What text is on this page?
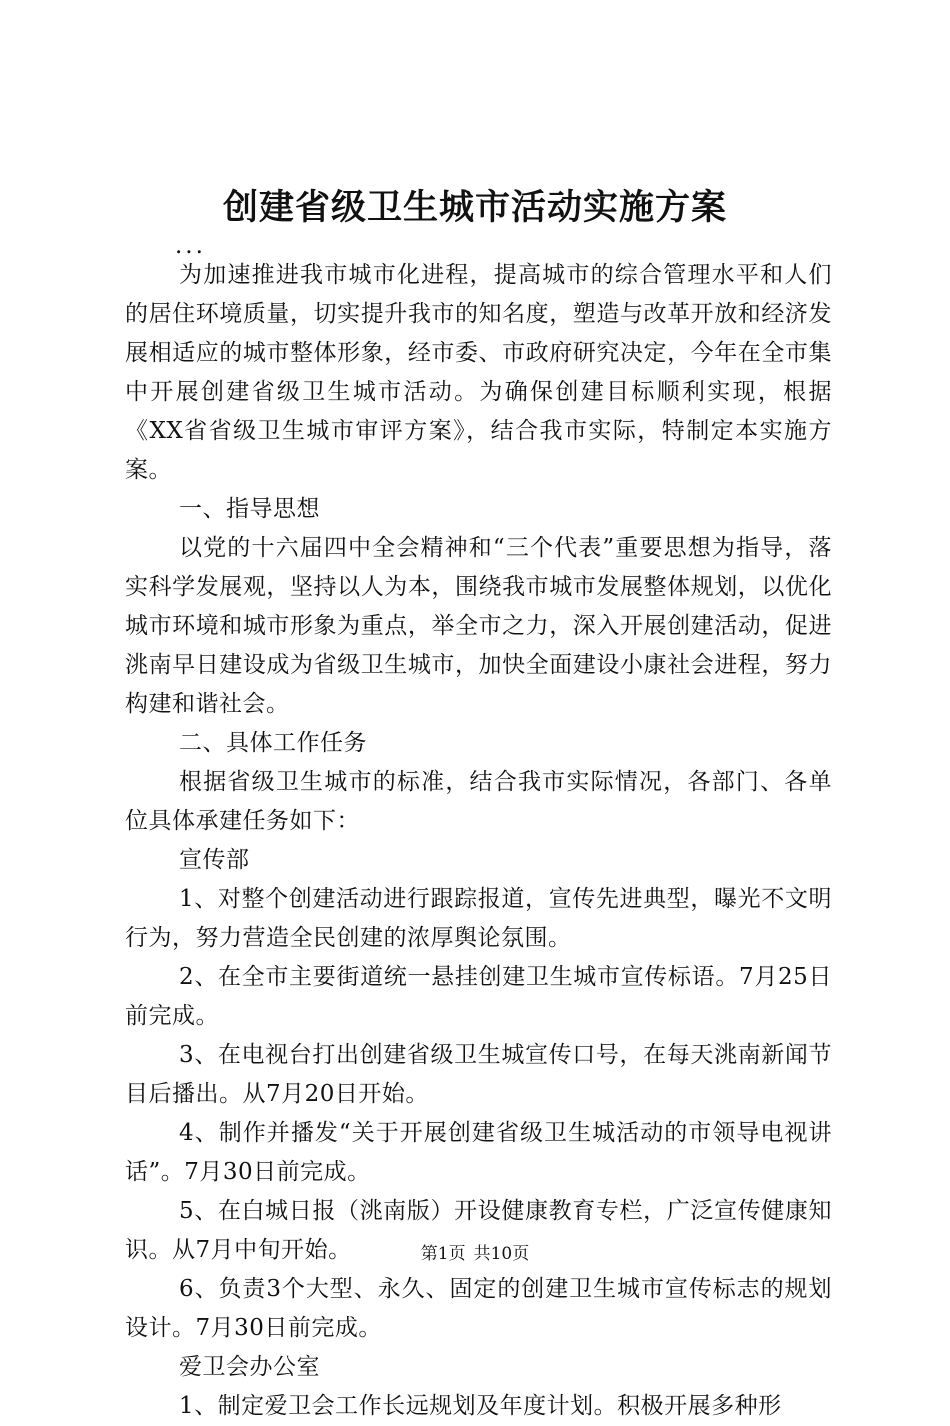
创建省级卫生城市活动实施方案

...

为加速推进我市城市化进程，提高城市的综合管理水平和人们的居住环境质量，切实提升我市的知名度，塑造与改革开放和经济发展相适应的城市整体形象，经市委、市政府研究决定，今年在全市集中开展创建省级卫生城市活动。为确保创建目标顺利实现，根据《XX省省级卫生城市审评方案》，结合我市实际，特制定本实施方案。

一、指导思想

以党的十六届四中全会精神和“三个代表”重要思想为指导，落实科学发展观，坚持以人为本，围绕我市城市发展整体规划，以优化城市环境和城市形象为重点，举全市之力，深入开展创建活动，促进洮南早日建设成为省级卫生城市，加快全面建设小康社会进程，努力构建和谐社会。

二、具体工作任务

根据省级卫生城市的标准，结合我市实际情况，各部门、各单位具体承建任务如下：

宣传部

1、对整个创建活动进行跟踪报道，宣传先进典型，曝光不文明行为，努力营造全民创建的浓厚舆论氛围。

2、在全市主要街道统一悬挂创建卫生城市宣传标语。7月25日前完成。

3、在电视台打出创建省级卫生城宣传口号，在每天洮南新闻节目后播出。从7月20日开始。

4、制作并播发“关于开展创建省级卫生城活动的市领导电视讲话”。7月30日前完成。

5、在白城日报（洮南版）开设健康教育专栏，广泛宣传健康知识。从7月中旬开始。

6、负责3个大型、永久、固定的创建卫生城市宣传标志的规划设计。7月30日前完成。

爱卫会办公室

1、制定爱卫会工作长远规划及年度计划。积极开展多种形

第1页 共10页
